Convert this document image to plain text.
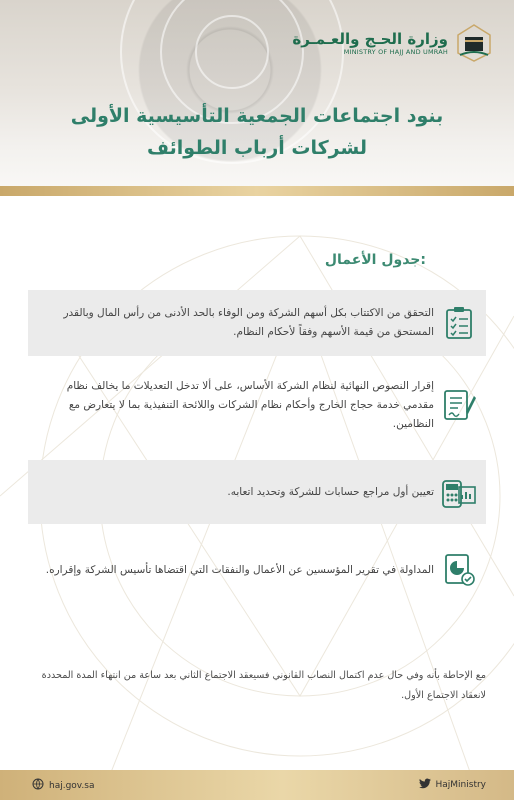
وزارة الحـج والعـمـرة
MINISTRY OF HAJJ AND UMRAH
بنود اجتماعات الجمعية التأسيسية الأولى
لشركات أرباب الطوائف
جدول الأعمال:
التحقق من الاكتتاب بكل أسهم الشركة ومن الوفاء بالحد الأدنى من رأس المال وبالقدر المستحق من قيمة الأسهم وفقاً لأحكام النظام.
إقرار النصوص النهائية لنظام الشركة الأساس، على ألا تدخل التعديلات ما يخالف نظام مقدمي خدمة حجاج الخارج وأحكام نظام الشركات واللائحة التنفيذية بما لا يتعارض مع النظامين.
تعيين أول مراجع حسابات للشركة وتحديد اتعابه.
المداولة في تقرير المؤسسين عن الأعمال والنفقات التي اقتضاها تأسيس الشركة وإقراره.
مع الإحاطة بأنه وفي حال عدم اكتمال النصاب القانوني فسيعقد الاجتماع الثاني بعد ساعة من انتهاء المدة المحددة لانعقاد الاجتماع الأول.
haj.gov.sa	HajMinistry
